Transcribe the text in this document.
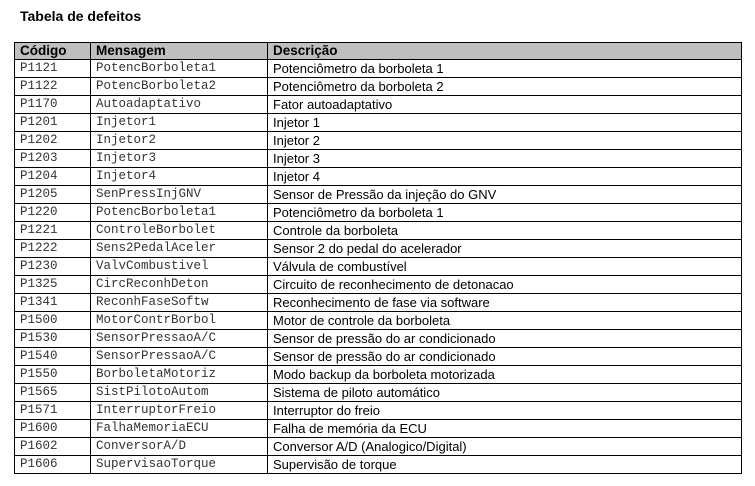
Tabela de defeitos
Código	Mensagem	Descrição
P1121	PotencBorboleta1	Potenciômetro da borboleta 1
P1122	PotencBorboleta2	Potenciômetro da borboleta 2
P1170	Autoadaptativo	Fator autoadaptativo
P1201	Injetor1	Injetor 1
P1202	Injetor2	Injetor 2
P1203	Injetor3	Injetor 3
P1204	Injetor4	Injetor 4
P1205	SenPressInjGNV	Sensor de Pressão da injeção do GNV
P1220	PotencBorboleta1	Potenciômetro da borboleta 1
P1221	ControleBorbolet	Controle da borboleta
P1222	Sens2PedalAceler	Sensor 2 do pedal do acelerador
P1230	ValvCombustivel	Válvula de combustível
P1325	CircReconhDeton	Circuito de reconhecimento de detonacao
P1341	ReconhFaseSoftw	Reconhecimento de fase via software
P1500	MotorContrBorbol	Motor de controle da borboleta
P1530	SensorPressaoA/C	Sensor de pressão do ar condicionado
P1540	SensorPressaoA/C	Sensor de pressão do ar condicionado
P1550	BorboletaMotoriz	Modo backup da borboleta motorizada
P1565	SistPilotoAutom	Sistema de piloto automático
P1571	InterruptorFreio	Interruptor do freio
P1600	FalhaMemoriaECU	Falha de memória da ECU
P1602	ConversorA/D	Conversor A/D (Analogico/Digital)
P1606	SupervisaoTorque	Supervisão de torque
